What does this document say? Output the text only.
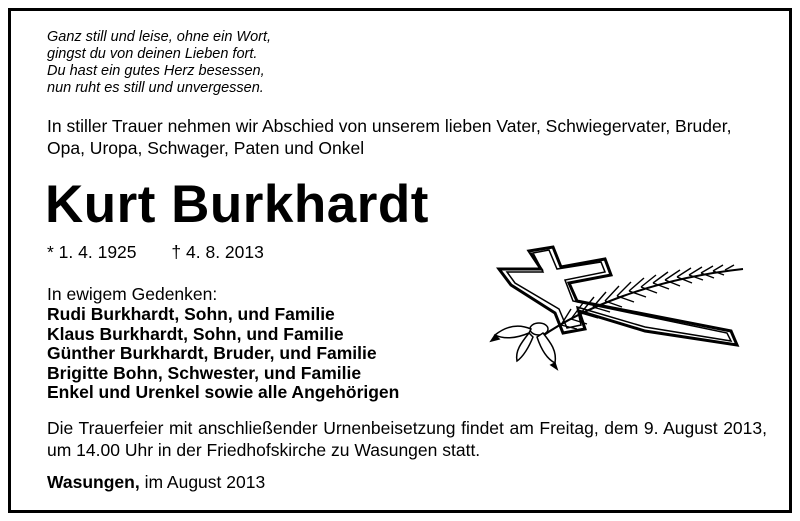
Ganz still und leise, ohne ein Wort,
gingst du von deinen Lieben fort.
Du hast ein gutes Herz besessen,
nun ruht es still und unvergessen.
In stiller Trauer nehmen wir Abschied von unserem lieben Vater, Schwiegervater, Bruder, Opa, Uropa, Schwager, Paten und Onkel
Kurt Burkhardt
* 1. 4. 1925 † 4. 8. 2013
In ewigem Gedenken:
Rudi Burkhardt, Sohn, und Familie
Klaus Burkhardt, Sohn, und Familie
Günther Burkhardt, Bruder, und Familie
Brigitte Bohn, Schwester, und Familie
Enkel und Urenkel sowie alle Angehörigen
Die Trauerfeier mit anschließender Urnenbeisetzung findet am Freitag, dem 9. August 2013, um 14.00 Uhr in der Friedhofskirche zu Wasungen statt.
Wasungen, im August 2013
